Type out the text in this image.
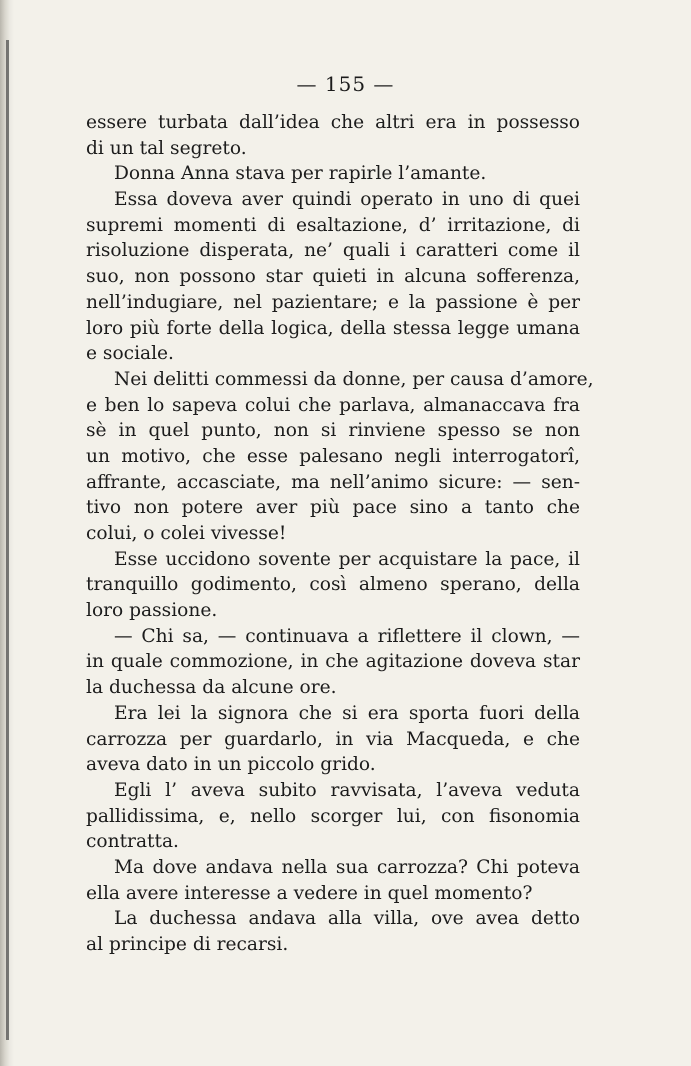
— 155 —
essere turbata dall’idea che altri era in possesso
di un tal segreto.
Donna Anna stava per rapirle l’amante.
Essa doveva aver quindi operato in uno di quei
supremi momenti di esaltazione, d’ irritazione, di
risoluzione disperata, ne’ quali i caratteri come il
suo, non possono star quieti in alcuna sofferenza,
nell’indugiare, nel pazientare; e la passione è per
loro più forte della logica, della stessa legge umana
e sociale.
Nei delitti commessi da donne, per causa d’amore,
e ben lo sapeva colui che parlava, almanaccava fra
sè in quel punto, non si rinviene spesso se non
un motivo, che esse palesano negli interrogatorî,
affrante, accasciate, ma nell’animo sicure: — sen-
tivo non potere aver più pace sino a tanto che
colui, o colei vivesse!
Esse uccidono sovente per acquistare la pace, il
tranquillo godimento, così almeno sperano, della
loro passione.
— Chi sa, — continuava a riflettere il clown, —
in quale commozione, in che agitazione doveva star
la duchessa da alcune ore.
Era lei la signora che si era sporta fuori della
carrozza per guardarlo, in via Macqueda, e che
aveva dato in un piccolo grido.
Egli l’ aveva subito ravvisata, l’aveva veduta
pallidissima, e, nello scorger lui, con fisonomia
contratta.
Ma dove andava nella sua carrozza? Chi poteva
ella avere interesse a vedere in quel momento?
La duchessa andava alla villa, ove avea detto
al principe di recarsi.
